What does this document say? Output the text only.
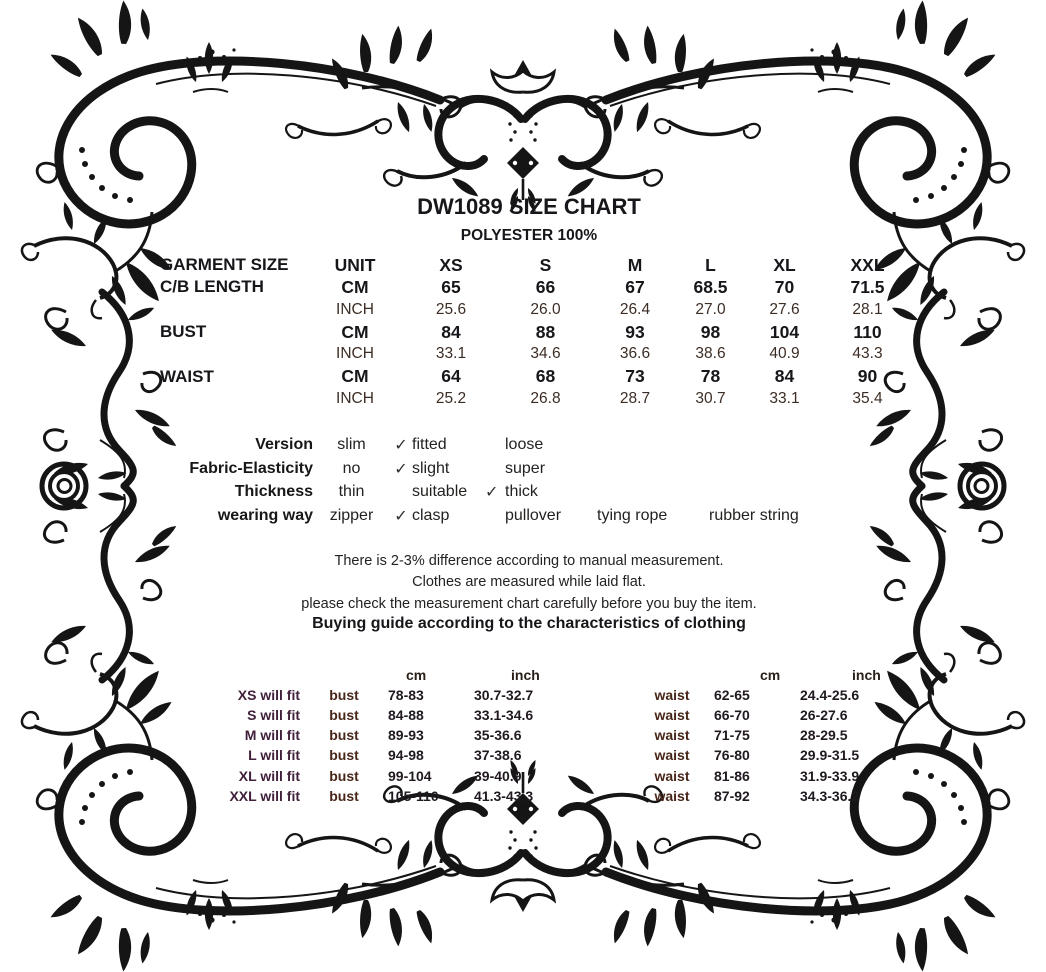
DW1089 SIZE CHART
POLYESTER 100%
GARMENT SIZE	UNIT	XS	S	M	L	XL	XXL
C/B LENGTH	CM	65	66	67	68.5	70	71.5
INCH	25.6	26.0	26.4	27.0	27.6	28.1
BUST	CM	84	88	93	98	104	110
INCH	33.1	34.6	36.6	38.6	40.9	43.3
WAIST	CM	64	68	73	78	84	90
INCH	25.2	26.8	28.7	30.7	33.1	35.4
Version	slim	✓ fitted	loose
Fabric-Elasticity	no	✓ slight	super
Thickness	thin	suitable	✓ thick
wearing way	zipper	✓ clasp	pullover	tying rope	rubber string
There is 2-3% difference according to manual measurement.
Clothes are measured while laid flat.
please check the measurement chart carefully before you buy the item.
Buying guide according to the characteristics of clothing
cm	inch	cm	inch
XS will fit	bust	78-83	30.7-32.7	waist	62-65	24.4-25.6
S will fit	bust	84-88	33.1-34.6	waist	66-70	26-27.6
M will fit	bust	89-93	35-36.6	waist	71-75	28-29.5
L will fit	bust	94-98	37-38.6	waist	76-80	29.9-31.5
XL will fit	bust	99-104	39-40.9	waist	81-86	31.9-33.9
XXL will fit	bust	105-110	41.3-43.3	waist	87-92	34.3-36.2
